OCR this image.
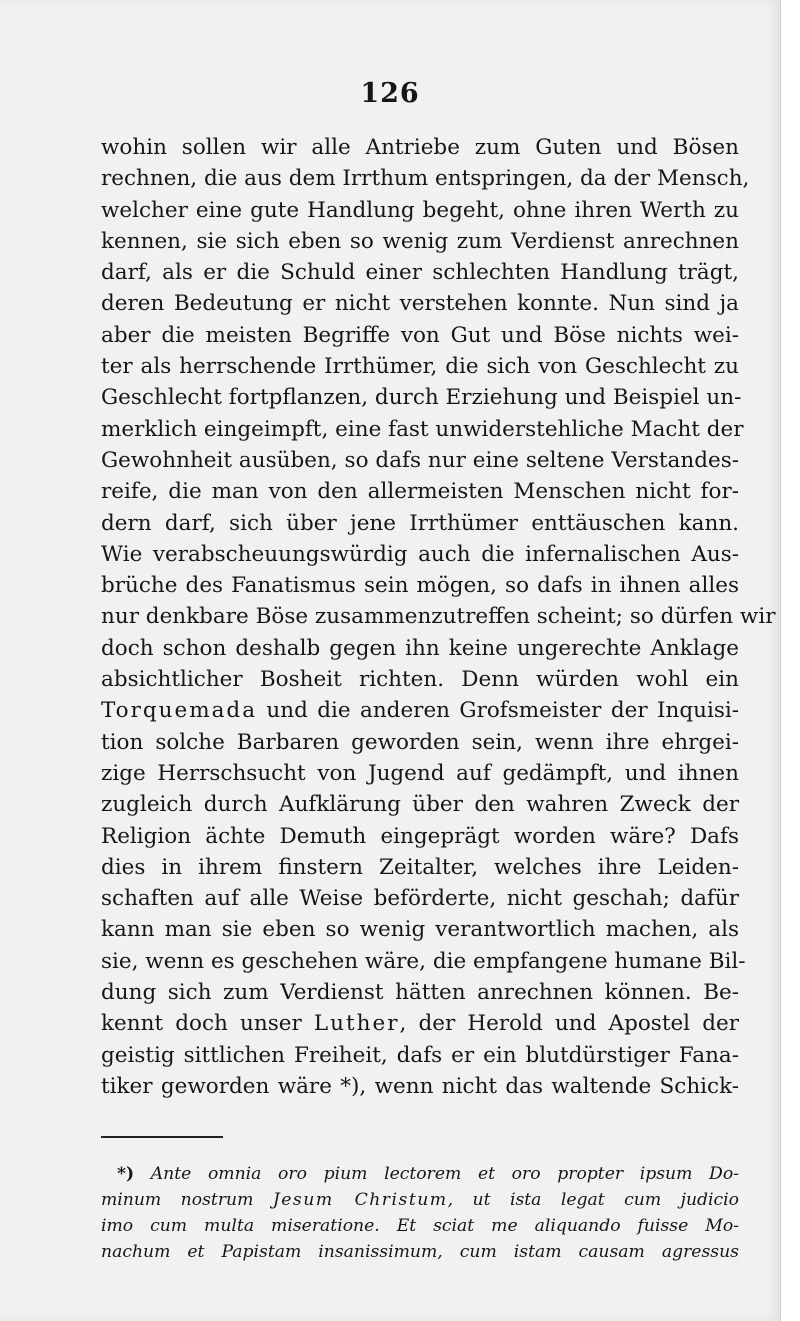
126
wohin sollen wir alle Antriebe zum Guten und Bösen
rechnen, die aus dem Irrthum entspringen, da der Mensch,
welcher eine gute Handlung begeht, ohne ihren Werth zu
kennen, sie sich eben so wenig zum Verdienst anrechnen
darf, als er die Schuld einer schlechten Handlung trägt,
deren Bedeutung er nicht verstehen konnte. Nun sind ja
aber die meisten Begriffe von Gut und Böse nichts wei-
ter als herrschende Irrthümer, die sich von Geschlecht zu
Geschlecht fortpflanzen, durch Erziehung und Beispiel un-
merklich eingeimpft, eine fast unwiderstehliche Macht der
Gewohnheit ausüben, so dafs nur eine seltene Verstandes-
reife, die man von den allermeisten Menschen nicht for-
dern darf, sich über jene Irrthümer enttäuschen kann.
Wie verabscheuungswürdig auch die infernalischen Aus-
brüche des Fanatismus sein mögen, so dafs in ihnen alles
nur denkbare Böse zusammenzutreffen scheint; so dürfen wir
doch schon deshalb gegen ihn keine ungerechte Anklage
absichtlicher Bosheit richten. Denn würden wohl ein
Torquemada und die anderen Grofsmeister der Inquisi-
tion solche Barbaren geworden sein, wenn ihre ehrgei-
zige Herrschsucht von Jugend auf gedämpft, und ihnen
zugleich durch Aufklärung über den wahren Zweck der
Religion ächte Demuth eingeprägt worden wäre? Dafs
dies in ihrem finstern Zeitalter, welches ihre Leiden-
schaften auf alle Weise beförderte, nicht geschah; dafür
kann man sie eben so wenig verantwortlich machen, als
sie, wenn es geschehen wäre, die empfangene humane Bil-
dung sich zum Verdienst hätten anrechnen können. Be-
kennt doch unser Luther, der Herold und Apostel der
geistig sittlichen Freiheit, dafs er ein blutdürstiger Fana-
tiker geworden wäre *), wenn nicht das waltende Schick-
*) Ante omnia oro pium lectorem et oro propter ipsum Do-
minum nostrum Jesum Christum, ut ista legat cum judicio
imo cum multa miseratione. Et sciat me aliquando fuisse Mo-
nachum et Papistam insanissimum, cum istam causam agressus
